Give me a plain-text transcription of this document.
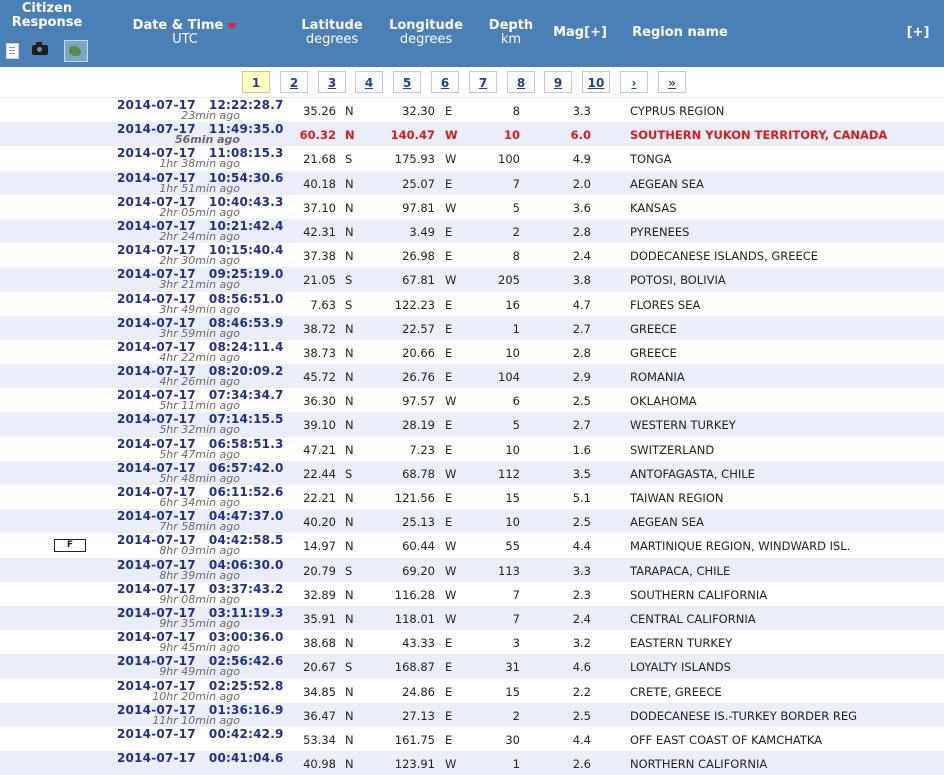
Citizen
Response	Date & Time
UTC
Latitude
degrees
Longitude
degrees
Depth
km	Mag[+]	Region name	[+]
1	2	3	4	5	6	7	8	9	10	›	»
2014-07-17 12:22:28.7
23min ago	35.26 N	32.30 E	8	3.3	CYPRUS REGION
2014-07-17 11:49:35.0
56min ago	60.32 N	140.47 W	10	6.0	SOUTHERN YUKON TERRITORY, CANADA
2014-07-17 11:08:15.3
1hr 38min ago	21.68 S	175.93 W	100	4.9	TONGA
2014-07-17 10:54:30.6
1hr 51min ago	40.18 N	25.07 E	7	2.0	AEGEAN SEA
2014-07-17 10:40:43.3
2hr 05min ago	37.10 N	97.81 W	5	3.6	KANSAS
2014-07-17 10:21:42.4
2hr 24min ago	42.31 N	3.49 E	2	2.8	PYRENEES
2014-07-17 10:15:40.4
2hr 30min ago	37.38 N	26.98 E	8	2.4	DODECANESE ISLANDS, GREECE
2014-07-17 09:25:19.0
3hr 21min ago	21.05 S	67.81 W	205	3.8	POTOSI, BOLIVIA
2014-07-17 08:56:51.0
3hr 49min ago	7.63 S	122.23 E	16	4.7	FLORES SEA
2014-07-17 08:46:53.9
3hr 59min ago	38.72 N	22.57 E	1	2.7	GREECE
2014-07-17 08:24:11.4
4hr 22min ago	38.73 N	20.66 E	10	2.8	GREECE
2014-07-17 08:20:09.2
4hr 26min ago	45.72 N	26.76 E	104	2.9	ROMANIA
2014-07-17 07:34:34.7
5hr 11min ago	36.30 N	97.57 W	6	2.5	OKLAHOMA
2014-07-17 07:14:15.5
5hr 32min ago	39.10 N	28.19 E	5	2.7	WESTERN TURKEY
2014-07-17 06:58:51.3
5hr 47min ago	47.21 N	7.23 E	10	1.6	SWITZERLAND
2014-07-17 06:57:42.0
5hr 48min ago	22.44 S	68.78 W	112	3.5	ANTOFAGASTA, CHILE
2014-07-17 06:11:52.6
6hr 34min ago	22.21 N	121.56 E	15	5.1	TAIWAN REGION
2014-07-17 04:47:37.0
7hr 58min ago	40.20 N	25.13 E	10	2.5	AEGEAN SEA
F	2014-07-17 04:42:58.5
8hr 03min ago	14.97 N	60.44 W	55	4.4	MARTINIQUE REGION, WINDWARD ISL.
2014-07-17 04:06:30.0
8hr 39min ago	20.79 S	69.20 W	113	3.3	TARAPACA, CHILE
2014-07-17 03:37:43.2
9hr 08min ago	32.89 N	116.28 W	7	2.3	SOUTHERN CALIFORNIA
2014-07-17 03:11:19.3
9hr 35min ago	35.91 N	118.01 W	7	2.4	CENTRAL CALIFORNIA
2014-07-17 03:00:36.0
9hr 45min ago	38.68 N	43.33 E	3	3.2	EASTERN TURKEY
2014-07-17 02:56:42.6
9hr 49min ago	20.67 S	168.87 E	31	4.6	LOYALTY ISLANDS
2014-07-17 02:25:52.8
10hr 20min ago	34.85 N	24.86 E	15	2.2	CRETE, GREECE
2014-07-17 01:36:16.9
11hr 10min ago	36.47 N	27.13 E	2	2.5	DODECANESE IS.-TURKEY BORDER REG
2014-07-17 00:42:42.9	53.34 N	161.75 E	30	4.4	OFF EAST COAST OF KAMCHATKA
2014-07-17 00:41:04.6	40.98 N	123.91 W	1	2.6	NORTHERN CALIFORNIA
